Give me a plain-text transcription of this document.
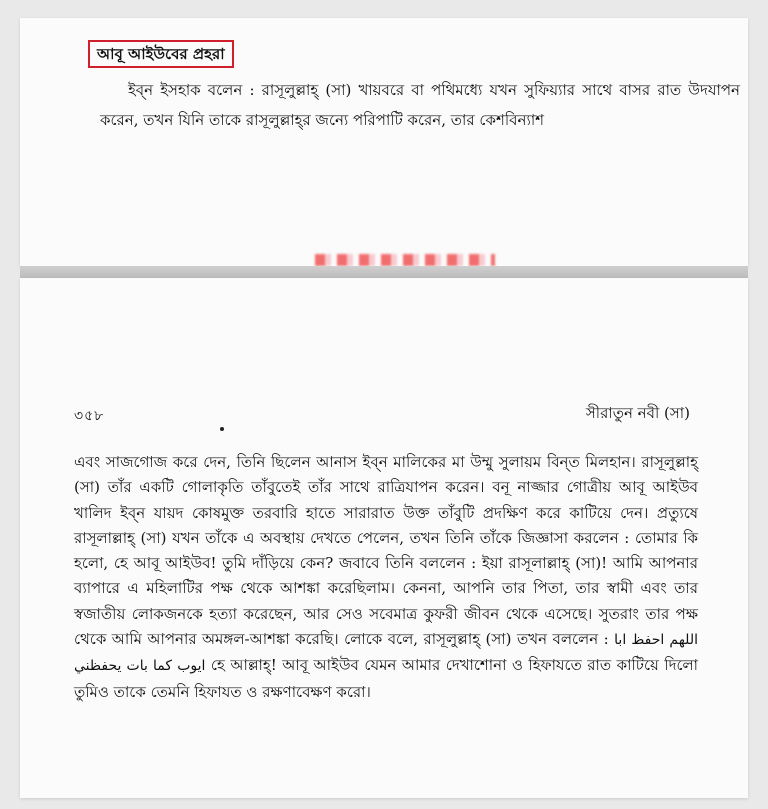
আবূ আইউবের প্রহরা
ইব্‌ন ইসহাক বলেন : রাসূলুল্লাহ্ (সা) খায়বরে বা পথিমধ্যে যখন সুফিয়্যার সাথে বাসর রাত উদযাপন করেন, তখন যিনি তাকে রাসূলুল্লাহ্‌র জন্যে পরিপাটি করেন, তার কেশবিন্যাশ
৩৫৮	সীরাতুন নবী (সা)
এবং সাজগোজ করে দেন, তিনি ছিলেন আনাস ইব্‌ন মালিকের মা উম্মু সুলায়ম বিন্‌ত মিলহান। রাসূলুল্লাহ্ (সা) তাঁর একটি গোলাকৃতি তাঁবুতেই তাঁর সাথে রাত্রিযাপন করেন। বনূ নাজ্জার গোত্রীয় আবূ আইউব খালিদ ইব্‌ন যায়দ কোষমুক্ত তরবারি হাতে সারারাত উক্ত তাঁবুটি প্রদক্ষিণ করে কাটিয়ে দেন। প্রত্যুষে রাসূলাল্লাহ্ (সা) যখন তাঁকে এ অবস্থায় দেখতে পেলেন, তখন তিনি তাঁকে জিজ্ঞাসা করলেন : তোমার কি হলো, হে আবূ আইউব! তুমি দাঁড়িয়ে কেন? জবাবে তিনি বললেন : ইয়া রাসূলাল্লাহ্ (সা)! আমি আপনার ব্যাপারে এ মহিলাটির পক্ষ থেকে আশঙ্কা করেছিলাম। কেননা, আপনি তার পিতা, তার স্বামী এবং তার স্বজাতীয় লোকজনকে হত্যা করেছেন, আর সেও সবেমাত্র কুফরী জীবন থেকে এসেছে। সুতরাং তার পক্ষ থেকে আমি আপনার অমঙ্গল-আশঙ্কা করেছি। লোকে বলে, রাসূলুল্লাহ্ (সা) তখন বললেন : اللهم احفظ ابا ايوب كما بات يحفظني হে আল্লাহ্! আবূ আইউব যেমন আমার দেখাশোনা ও হিফাযতে রাত কাটিয়ে দিলো তুমিও তাকে তেমনি হিফাযত ও রক্ষণাবেক্ষণ করো।
